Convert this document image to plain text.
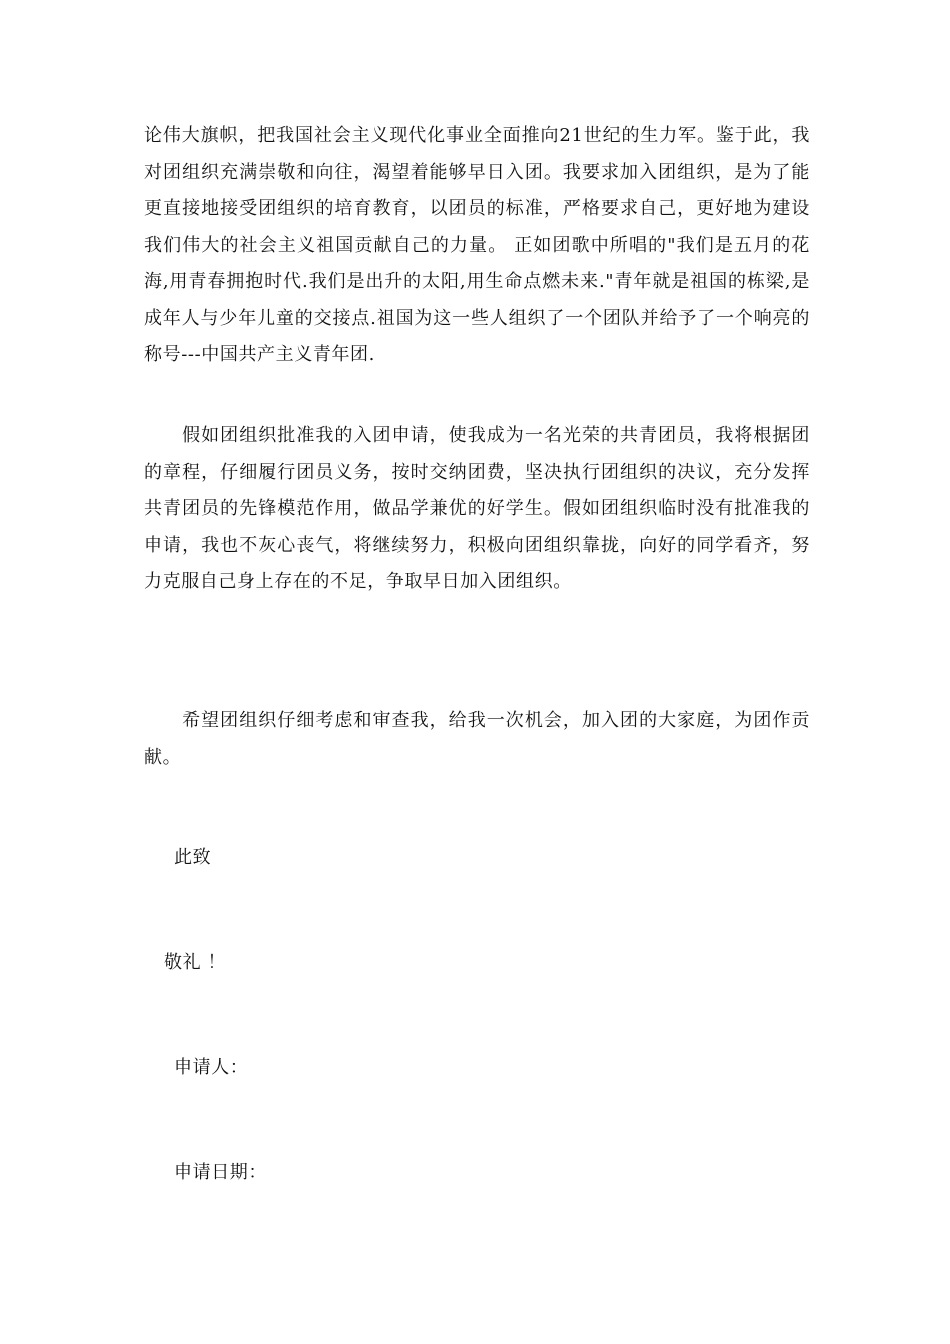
论伟大旗帜，把我国社会主义现代化事业全面推向21世纪的生力军。鉴于此，我对团组织充满崇敬和向往，渴望着能够早日入团。我要求加入团组织，是为了能更直接地接受团组织的培育教育，以团员的标准，严格要求自己，更好地为建设我们伟大的社会主义祖国贡献自己的力量。 正如团歌中所唱的"我们是五月的花海,用青春拥抱时代.我们是出升的太阳,用生命点燃未来."青年就是祖国的栋梁,是成年人与少年儿童的交接点.祖国为这一些人组织了一个团队并给予了一个响亮的称号---中国共产主义青年团.

　　假如团组织批准我的入团申请，使我成为一名光荣的共青团员，我将根据团的章程，仔细履行团员义务，按时交纳团费，坚决执行团组织的决议，充分发挥共青团员的先锋模范作用，做品学兼优的好学生。假如团组织临时没有批准我的申请，我也不灰心丧气，将继续努力，积极向团组织靠拢，向好的同学看齐，努力克服自己身上存在的不足，争取早日加入团组织。

　　希望团组织仔细考虑和审查我，给我一次机会，加入团的大家庭，为团作贡献。

此致

敬礼 ！

申请人：

申请日期：
